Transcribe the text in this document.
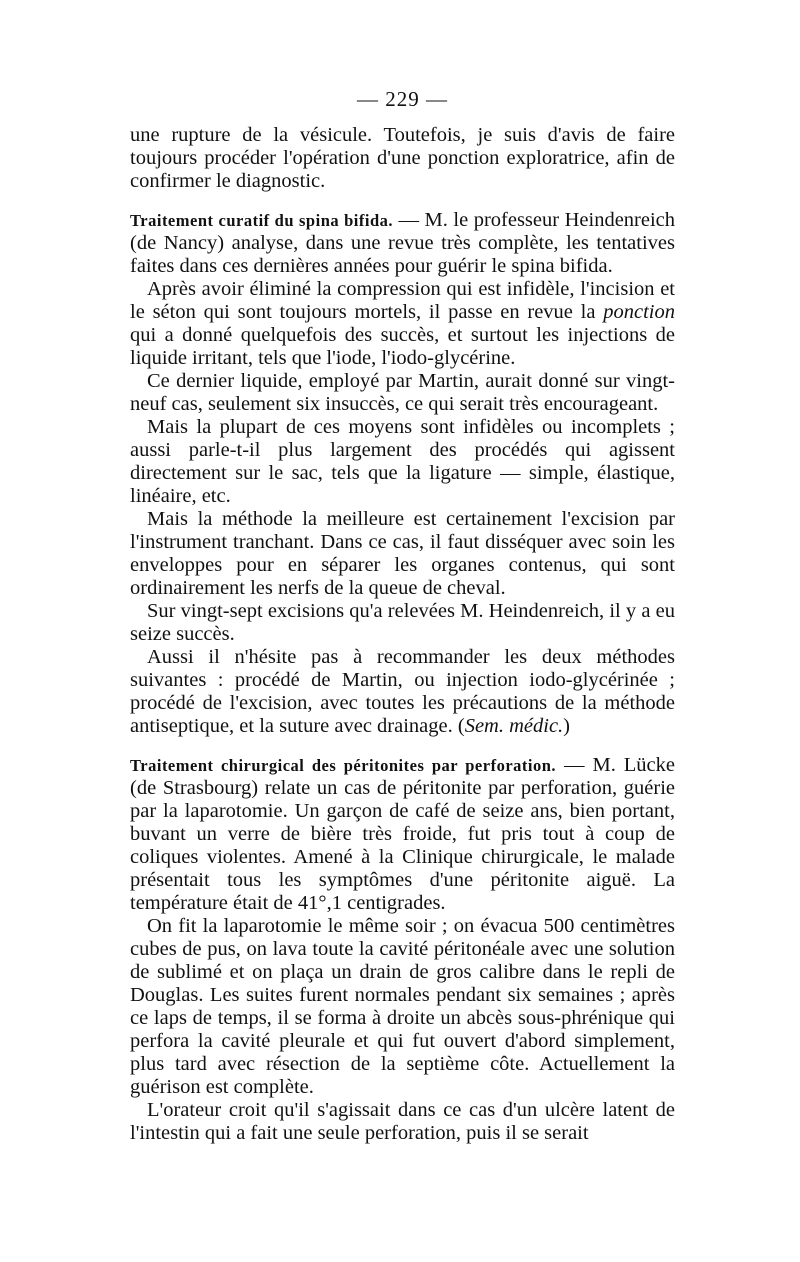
— 229 —

une rupture de la vésicule. Toutefois, je suis d'avis de faire toujours procéder l'opération d'une ponction exploratrice, afin de confirmer le diagnostic.

Traitement curatif du spina bifida. — M. le professeur Heindenreich (de Nancy) analyse, dans une revue très complète, les tentatives faites dans ces dernières années pour guérir le spina bifida.

Après avoir éliminé la compression qui est infidèle, l'incision et le séton qui sont toujours mortels, il passe en revue la ponction qui a donné quelquefois des succès, et surtout les injections de liquide irritant, tels que l'iode, l'iodo-glycérine.

Ce dernier liquide, employé par Martin, aurait donné sur vingt-neuf cas, seulement six insuccès, ce qui serait très encourageant.

Mais la plupart de ces moyens sont infidèles ou incomplets ; aussi parle-t-il plus largement des procédés qui agissent directement sur le sac, tels que la ligature — simple, élastique, linéaire, etc.

Mais la méthode la meilleure est certainement l'excision par l'instrument tranchant. Dans ce cas, il faut disséquer avec soin les enveloppes pour en séparer les organes contenus, qui sont ordinairement les nerfs de la queue de cheval.

Sur vingt-sept excisions qu'a relevées M. Heindenreich, il y a eu seize succès.

Aussi il n'hésite pas à recommander les deux méthodes suivantes : procédé de Martin, ou injection iodo-glycérinée ; procédé de l'excision, avec toutes les précautions de la méthode antiseptique, et la suture avec drainage. (Sem. médic.)

Traitement chirurgical des péritonites par perforation. — M. Lücke (de Strasbourg) relate un cas de péritonite par perforation, guérie par la laparotomie. Un garçon de café de seize ans, bien portant, buvant un verre de bière très froide, fut pris tout à coup de coliques violentes. Amené à la Clinique chirurgicale, le malade présentait tous les symptômes d'une péritonite aiguë. La température était de 41°,1 centigrades.

On fit la laparotomie le même soir ; on évacua 500 centimètres cubes de pus, on lava toute la cavité péritonéale avec une solution de sublimé et on plaça un drain de gros calibre dans le repli de Douglas. Les suites furent normales pendant six semaines ; après ce laps de temps, il se forma à droite un abcès sous-phrénique qui perfora la cavité pleurale et qui fut ouvert d'abord simplement, plus tard avec résection de la septième côte. Actuellement la guérison est complète.

L'orateur croit qu'il s'agissait dans ce cas d'un ulcère latent de l'intestin qui a fait une seule perforation, puis il se serait
